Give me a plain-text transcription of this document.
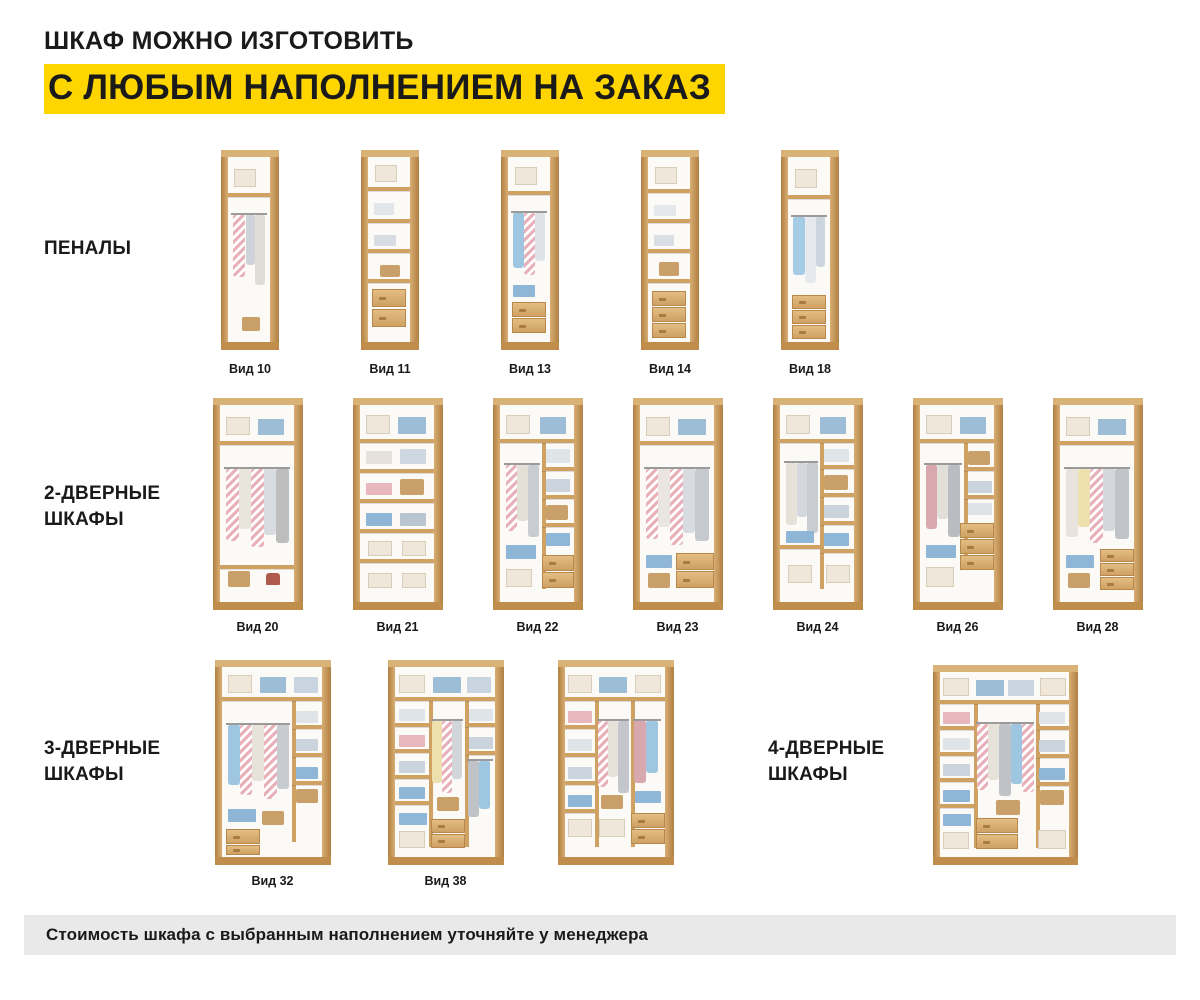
ШКАФ МОЖНО ИЗГОТОВИТЬ
С ЛЮБЫМ НАПОЛНЕНИЕМ НА ЗАКАЗ
ПЕНАЛЫ
2-ДВЕРНЫЕ
ШКАФЫ
3-ДВЕРНЫЕ
ШКАФЫ
4-ДВЕРНЫЕ
ШКАФЫ
Вид 10	Вид 11	Вид 13	Вид 14	Вид 18
Вид 20	Вид 21	Вид 22	Вид 23	Вид 24	Вид 26	Вид 28
Вид 32	Вид 38
Стоимость шкафа с выбранным наполнением уточняйте у менеджера
